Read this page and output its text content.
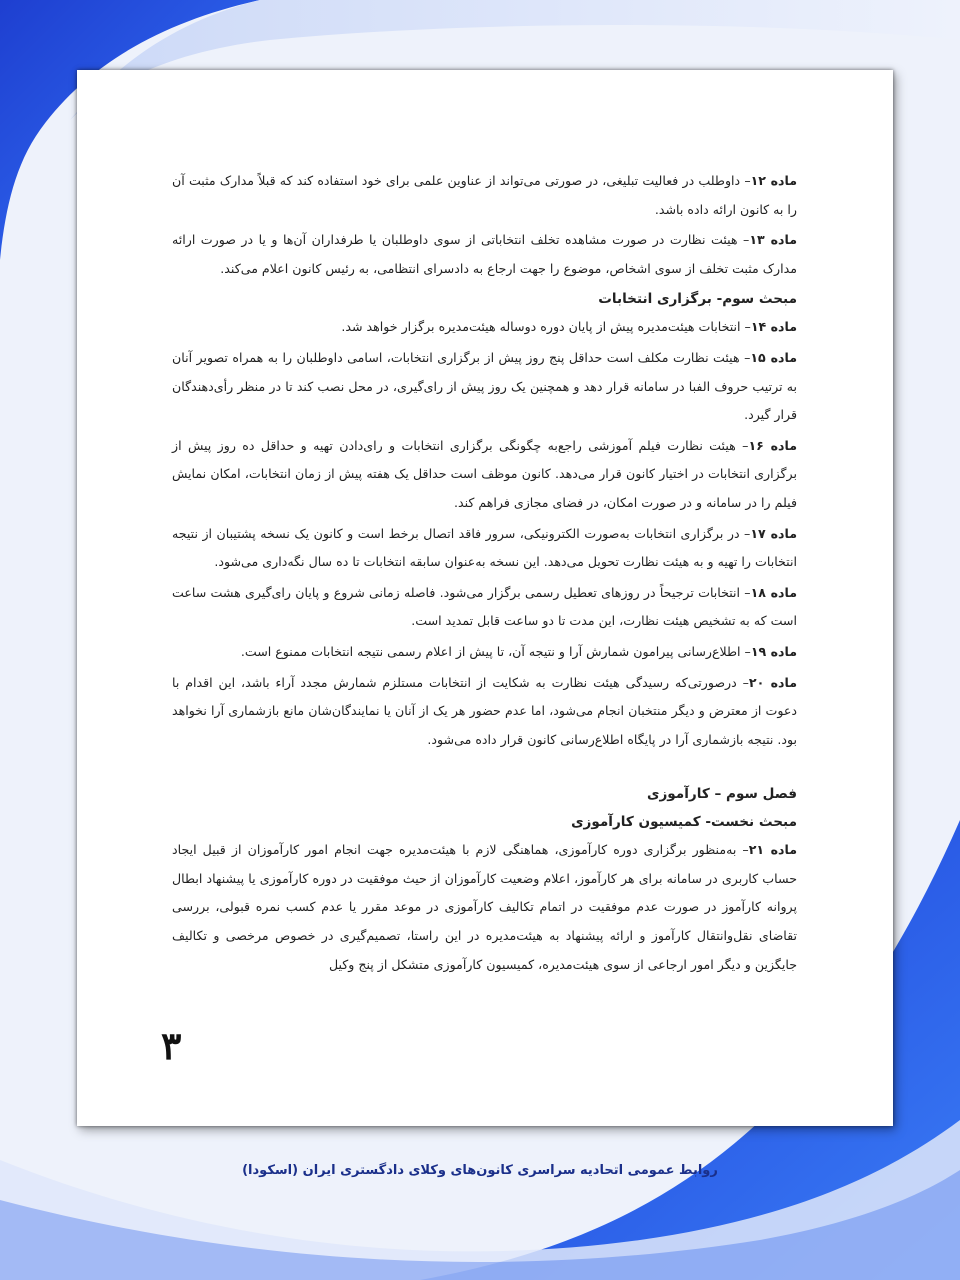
ماده ۱۲– داوطلب در فعالیت تبلیغی، در صورتی می‌تواند از عناوین علمی برای خود استفاده کند که قبلاً مدارک مثبت آن را به کانون ارائه داده باشد.

ماده ۱۳– هیئت نظارت در صورت مشاهده تخلف انتخاباتی از سوی داوطلبان یا طرفداران آن‌ها و یا در صورت ارائه مدارک مثبت تخلف از سوی اشخاص، موضوع را جهت ارجاع به دادسرای انتظامی، به رئیس کانون اعلام می‌کند.

مبحث سوم- برگزاری انتخابات

ماده ۱۴– انتخابات هیئت‌مدیره پیش از پایان دوره دوساله هیئت‌مدیره برگزار خواهد شد.

ماده ۱۵– هیئت نظارت مکلف است حداقل پنج روز پیش از برگزاری انتخابات، اسامی داوطلبان را به همراه تصویر آنان به ترتیب حروف الفبا در سامانه قرار دهد و همچنین یک روز پیش از رای‌گیری، در محل نصب کند تا در منظر رأی‌دهندگان قرار گیرد.

ماده ۱۶– هیئت نظارت فیلم آموزشی راجع‌به چگونگی برگزاری انتخابات و رای‌دادن تهیه و حداقل ده روز پیش از برگزاری انتخابات در اختیار کانون قرار می‌دهد. کانون موظف است حداقل یک هفته پیش از زمان انتخابات، امکان نمایش فیلم را در سامانه و در صورت امکان، در فضای مجازی فراهم کند.

ماده ۱۷– در برگزاری انتخابات به‌صورت الکترونیکی، سرور فاقد اتصال برخط است و کانون یک نسخه پشتیبان از نتیجه انتخابات را تهیه و به هیئت نظارت تحویل می‌دهد. این نسخه به‌عنوان سابقه انتخابات تا ده سال نگه‌داری می‌شود.

ماده ۱۸– انتخابات ترجیحاً در روزهای تعطیل رسمی برگزار می‌شود. فاصله زمانی شروع و پایان رای‌گیری هشت ساعت است که به تشخیص هیئت نظارت، این مدت تا دو ساعت قابل تمدید است.

ماده ۱۹– اطلاع‌رسانی پیرامون شمارش آرا و نتیجه آن، تا پیش از اعلام رسمی نتیجه انتخابات ممنوع است.

ماده ۲۰– درصورتی‌که رسیدگی هیئت نظارت به شکایت از انتخابات مستلزم شمارش مجدد آراء باشد، این اقدام با دعوت از معترض و دیگر منتخبان انجام می‌شود، اما عدم حضور هر یک از آنان یا نمایندگان‌شان مانع بازشماری آرا نخواهد بود. نتیجه بازشماری آرا در پایگاه اطلاع‌رسانی کانون قرار داده می‌شود.

فصل سوم – کارآموزی

مبحث نخست- کمیسیون کارآموزی

ماده ۲۱– به‌منظور برگزاری دوره کارآموزی، هماهنگی لازم با هیئت‌مدیره جهت انجام امور کارآموزان از قبیل ایجاد حساب کاربری در سامانه برای هر کارآموز، اعلام وضعیت کارآموزان از حیث موفقیت در دوره کارآموزی یا پیشنهاد ابطال پروانه کارآموز در صورت عدم موفقیت در اتمام تکالیف کارآموزی در موعد مقرر یا عدم کسب نمره قبولی، بررسی تقاضای نقل‌وانتقال کارآموز و ارائه پیشنهاد به هیئت‌مدیره در این راستا، تصمیم‌گیری در خصوص مرخصی و تکالیف جایگزین و دیگر امور ارجاعی از سوی هیئت‌مدیره، کمیسیون کارآموزی متشکل از پنج وکیل

۳
روابط عمومی اتحادیه سراسری کانون‌های وکلای دادگستری ایران (اسکودا)
